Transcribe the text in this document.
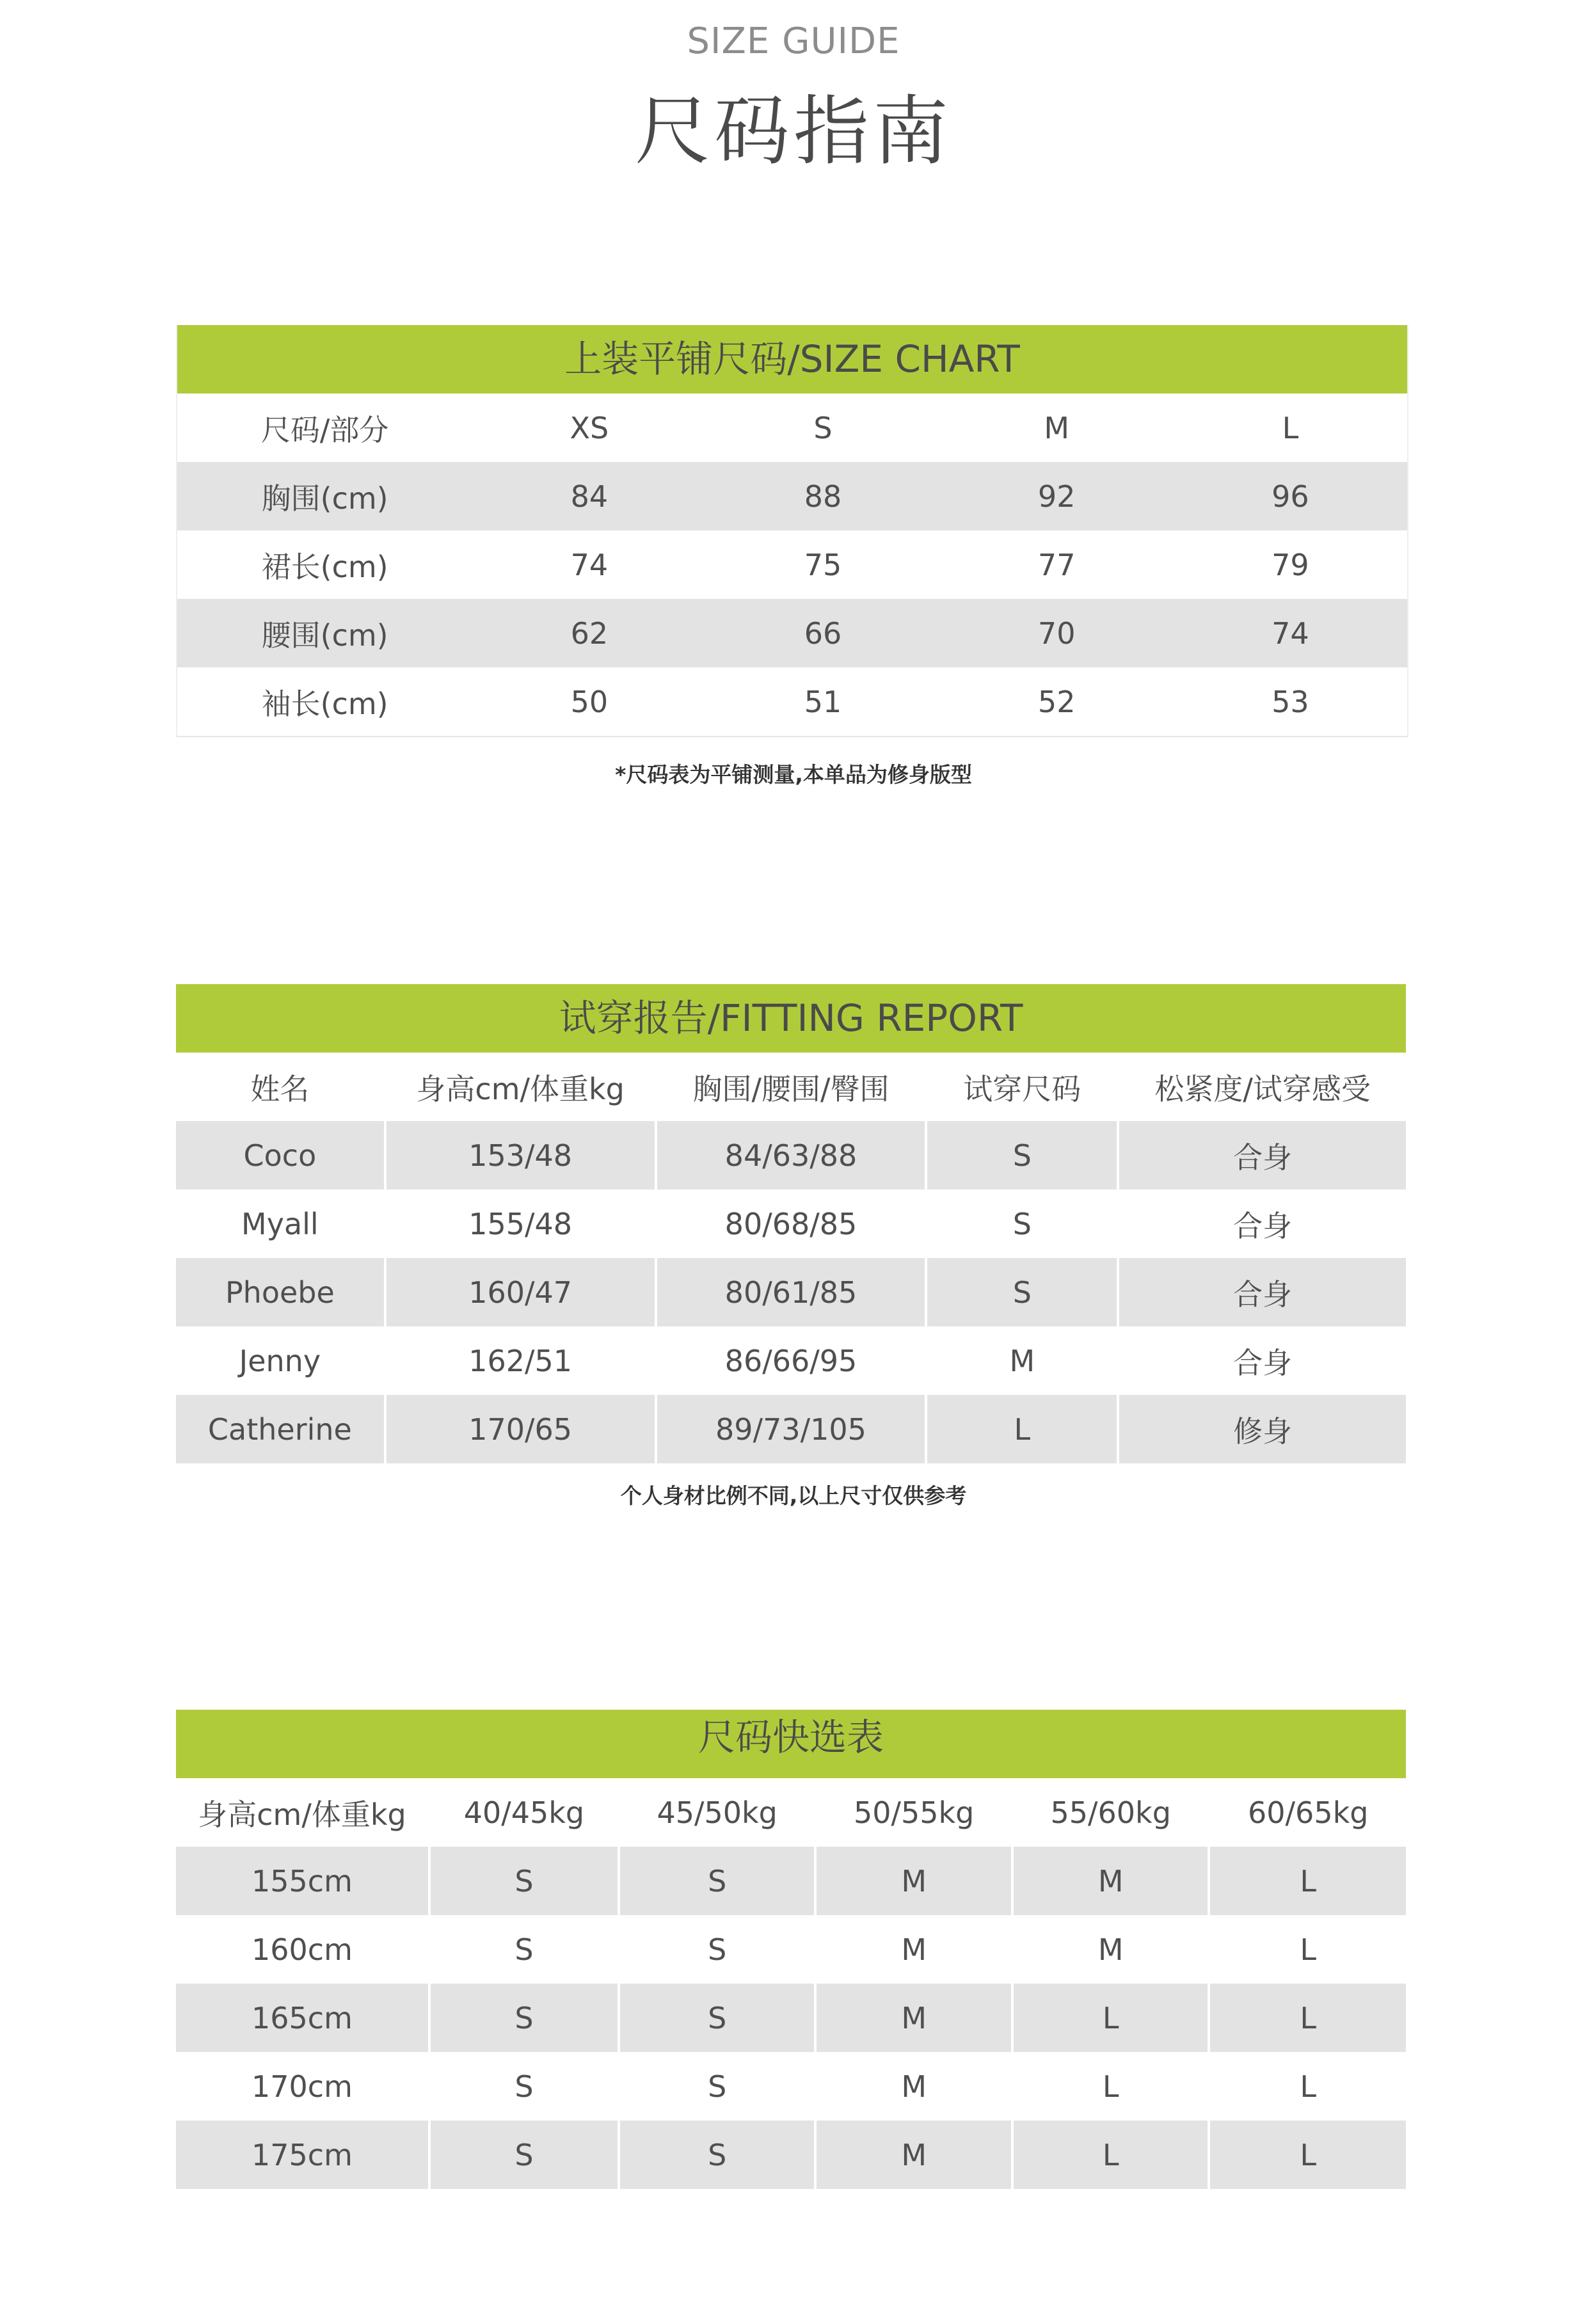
SIZE GUIDE
尺码指南
上装平铺尺码/SIZE CHART
尺码/部分	XS	S	M	L
胸围(cm)	84	88	92	96
裙长(cm)	74	75	77	79
腰围(cm)	62	66	70	74
袖长(cm)	50	51	52	53
*尺码表为平铺测量,本单品为修身版型
试穿报告/FITTING REPORT
姓名	身高cm/体重kg	胸围/腰围/臀围	试穿尺码	松紧度/试穿感受
Coco	153/48	84/63/88	S	合身
Myall	155/48	80/68/85	S	合身
Phoebe	160/47	80/61/85	S	合身
Jenny	162/51	86/66/95	M	合身
Catherine	170/65	89/73/105	L	修身
个人身材比例不同,以上尺寸仅供参考
尺码快选表
身高cm/体重kg	40/45kg	45/50kg	50/55kg	55/60kg	60/65kg
155cm	S	S	M	M	L
160cm	S	S	M	M	L
165cm	S	S	M	L	L
170cm	S	S	M	L	L
175cm	S	S	M	L	L
